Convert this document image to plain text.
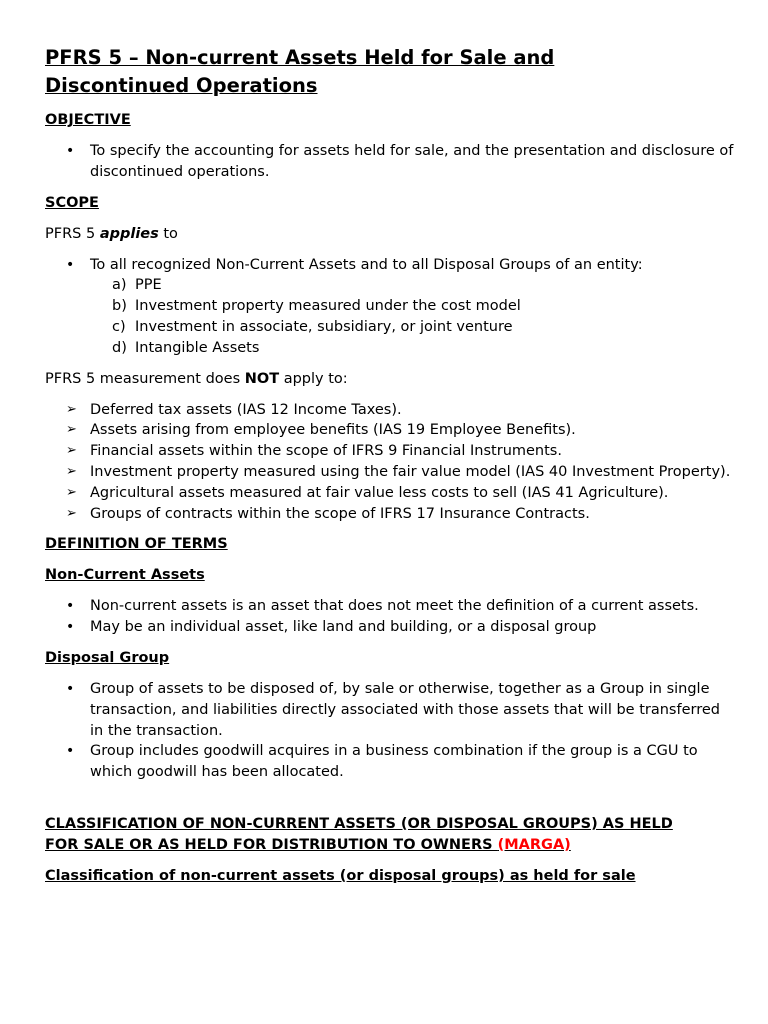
PFRS 5 – Non-current Assets Held for Sale and
Discontinued Operations
OBJECTIVE
•	To specify the accounting for assets held for sale, and the presentation and disclosure of discontinued operations.
SCOPE
PFRS 5 applies to
•	To all recognized Non-Current Assets and to all Disposal Groups of an entity:
a) PPE
b) Investment property measured under the cost model
c) Investment in associate, subsidiary, or joint venture
d) Intangible Assets
PFRS 5 measurement does NOT apply to:
➢ Deferred tax assets (IAS 12 Income Taxes).
➢ Assets arising from employee benefits (IAS 19 Employee Benefits).
➢ Financial assets within the scope of IFRS 9 Financial Instruments.
➢ Investment property measured using the fair value model (IAS 40 Investment Property).
➢ Agricultural assets measured at fair value less costs to sell (IAS 41 Agriculture).
➢ Groups of contracts within the scope of IFRS 17 Insurance Contracts.
DEFINITION OF TERMS
Non-Current Assets
•	Non-current assets is an asset that does not meet the definition of a current assets.
•	May be an individual asset, like land and building, or a disposal group
Disposal Group
•	Group of assets to be disposed of, by sale or otherwise, together as a Group in single transaction, and liabilities directly associated with those assets that will be transferred in the transaction.
•	Group includes goodwill acquires in a business combination if the group is a CGU to which goodwill has been allocated.
CLASSIFICATION OF NON-CURRENT ASSETS (OR DISPOSAL GROUPS) AS HELD
FOR SALE OR AS HELD FOR DISTRIBUTION TO OWNERS (MARGA)
Classification of non-current assets (or disposal groups) as held for sale
